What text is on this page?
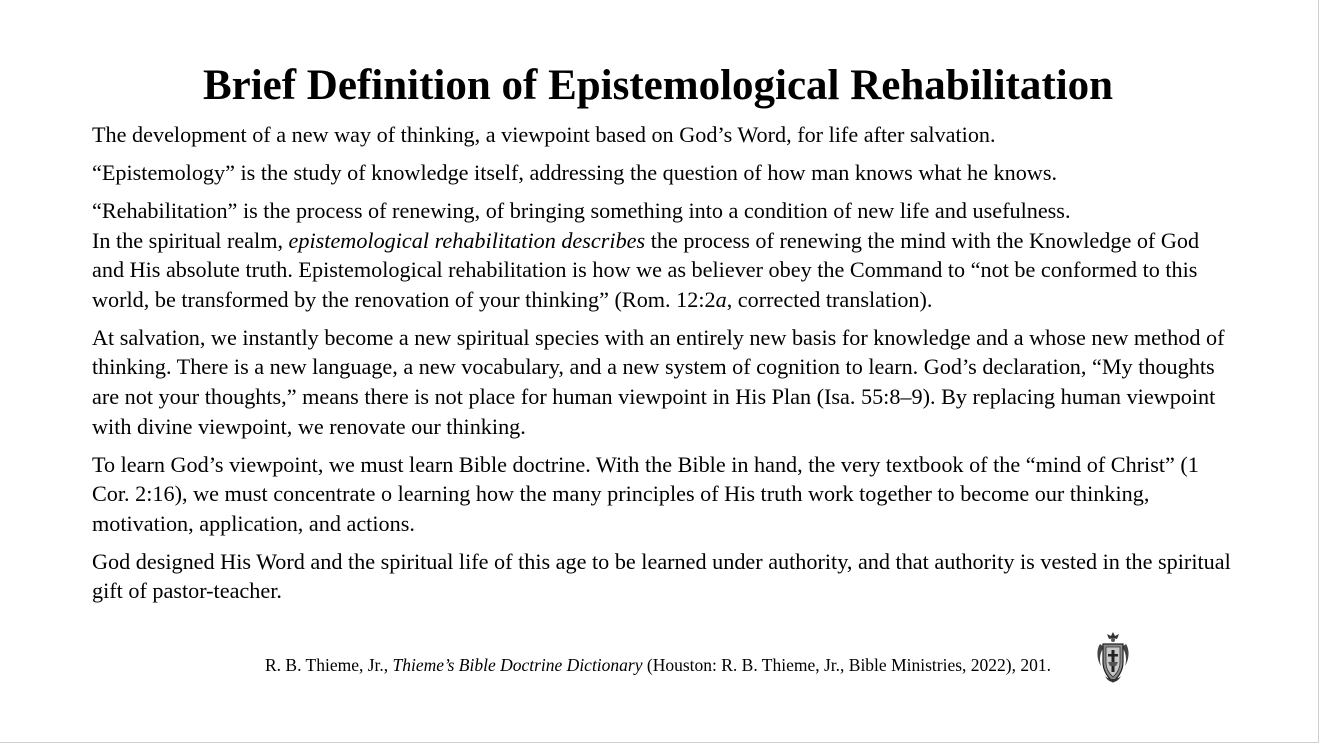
Brief Definition of Epistemological Rehabilitation

The development of a new way of thinking, a viewpoint based on God’s Word, for life after salvation.

“Epistemology” is the study of knowledge itself, addressing the question of how man knows what he knows.

“Rehabilitation” is the process of renewing, of bringing something into a condition of new life and usefulness.
In the spiritual realm, epistemological rehabilitation describes the process of renewing the mind with the Knowledge of God and His absolute truth. Epistemological rehabilitation is how we as believer obey the Command to “not be conformed to this world, be transformed by the renovation of your thinking” (Rom. 12:2a, corrected translation).

At salvation, we instantly become a new spiritual species with an entirely new basis for knowledge and a whose new method of thinking. There is a new language, a new vocabulary, and a new system of cognition to learn. God’s declaration, “My thoughts are not your thoughts,” means there is not place for human viewpoint in His Plan (Isa. 55:8–9). By replacing human viewpoint with divine viewpoint, we renovate our thinking.

To learn God’s viewpoint, we must learn Bible doctrine. With the Bible in hand, the very textbook of the “mind of Christ” (1 Cor. 2:16), we must concentrate o learning how the many principles of His truth work together to become our thinking, motivation, application, and actions.

God designed His Word and the spiritual life of this age to be learned under authority, and that authority is vested in the spiritual gift of pastor-teacher.

R. B. Thieme, Jr., Thieme’s Bible Doctrine Dictionary (Houston: R. B. Thieme, Jr., Bible Ministries, 2022), 201.
